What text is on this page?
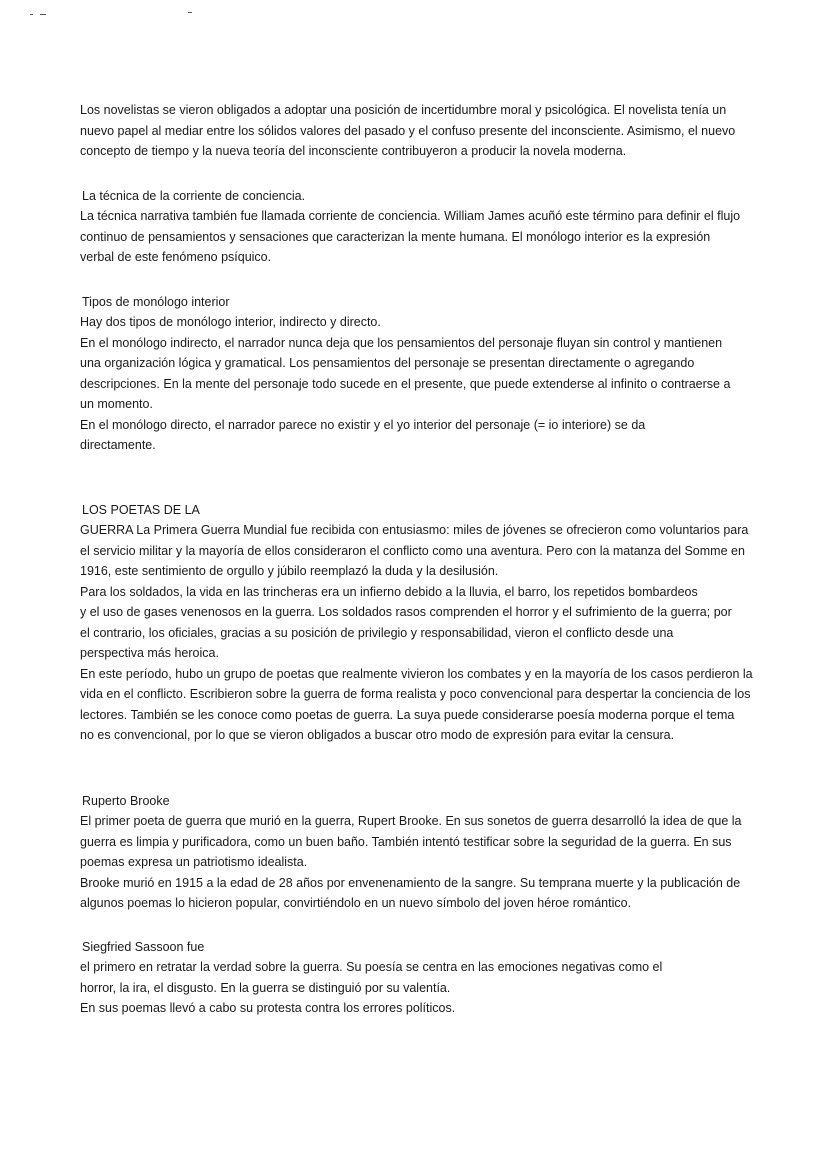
Los novelistas se vieron obligados a adoptar una posición de incertidumbre moral y psicológica. El novelista tenía un
nuevo papel al mediar entre los sólidos valores del pasado y el confuso presente del inconsciente. Asimismo, el nuevo
concepto de tiempo y la nueva teoría del inconsciente contribuyeron a producir la novela moderna.
La técnica de la corriente de conciencia.
La técnica narrativa también fue llamada corriente de conciencia. William James acuñó este término para definir el flujo
continuo de pensamientos y sensaciones que caracterizan la mente humana. El monólogo interior es la expresión
verbal de este fenómeno psíquico.
Tipos de monólogo interior
Hay dos tipos de monólogo interior, indirecto y directo.
En el monólogo indirecto, el narrador nunca deja que los pensamientos del personaje fluyan sin control y mantienen
una organización lógica y gramatical. Los pensamientos del personaje se presentan directamente o agregando
descripciones. En la mente del personaje todo sucede en el presente, que puede extenderse al infinito o contraerse a
un momento.
En el monólogo directo, el narrador parece no existir y el yo interior del personaje (= io interiore) se da
directamente.
LOS POETAS DE LA
GUERRA La Primera Guerra Mundial fue recibida con entusiasmo: miles de jóvenes se ofrecieron como voluntarios para
el servicio militar y la mayoría de ellos consideraron el conflicto como una aventura. Pero con la matanza del Somme en
1916, este sentimiento de orgullo y júbilo reemplazó la duda y la desilusión.
Para los soldados, la vida en las trincheras era un infierno debido a la lluvia, el barro, los repetidos bombardeos
y el uso de gases venenosos en la guerra. Los soldados rasos comprenden el horror y el sufrimiento de la guerra; por
el contrario, los oficiales, gracias a su posición de privilegio y responsabilidad, vieron el conflicto desde una
perspectiva más heroica.
En este período, hubo un grupo de poetas que realmente vivieron los combates y en la mayoría de los casos perdieron la
vida en el conflicto. Escribieron sobre la guerra de forma realista y poco convencional para despertar la conciencia de los
lectores. También se les conoce como poetas de guerra. La suya puede considerarse poesía moderna porque el tema
no es convencional, por lo que se vieron obligados a buscar otro modo de expresión para evitar la censura.
Ruperto Brooke
El primer poeta de guerra que murió en la guerra, Rupert Brooke. En sus sonetos de guerra desarrolló la idea de que la
guerra es limpia y purificadora, como un buen baño. También intentó testificar sobre la seguridad de la guerra. En sus
poemas expresa un patriotismo idealista.
Brooke murió en 1915 a la edad de 28 años por envenenamiento de la sangre. Su temprana muerte y la publicación de
algunos poemas lo hicieron popular, convirtiéndolo en un nuevo símbolo del joven héroe romántico.
Siegfried Sassoon fue
el primero en retratar la verdad sobre la guerra. Su poesía se centra en las emociones negativas como el
horror, la ira, el disgusto. En la guerra se distinguió por su valentía.
En sus poemas llevó a cabo su protesta contra los errores políticos.
